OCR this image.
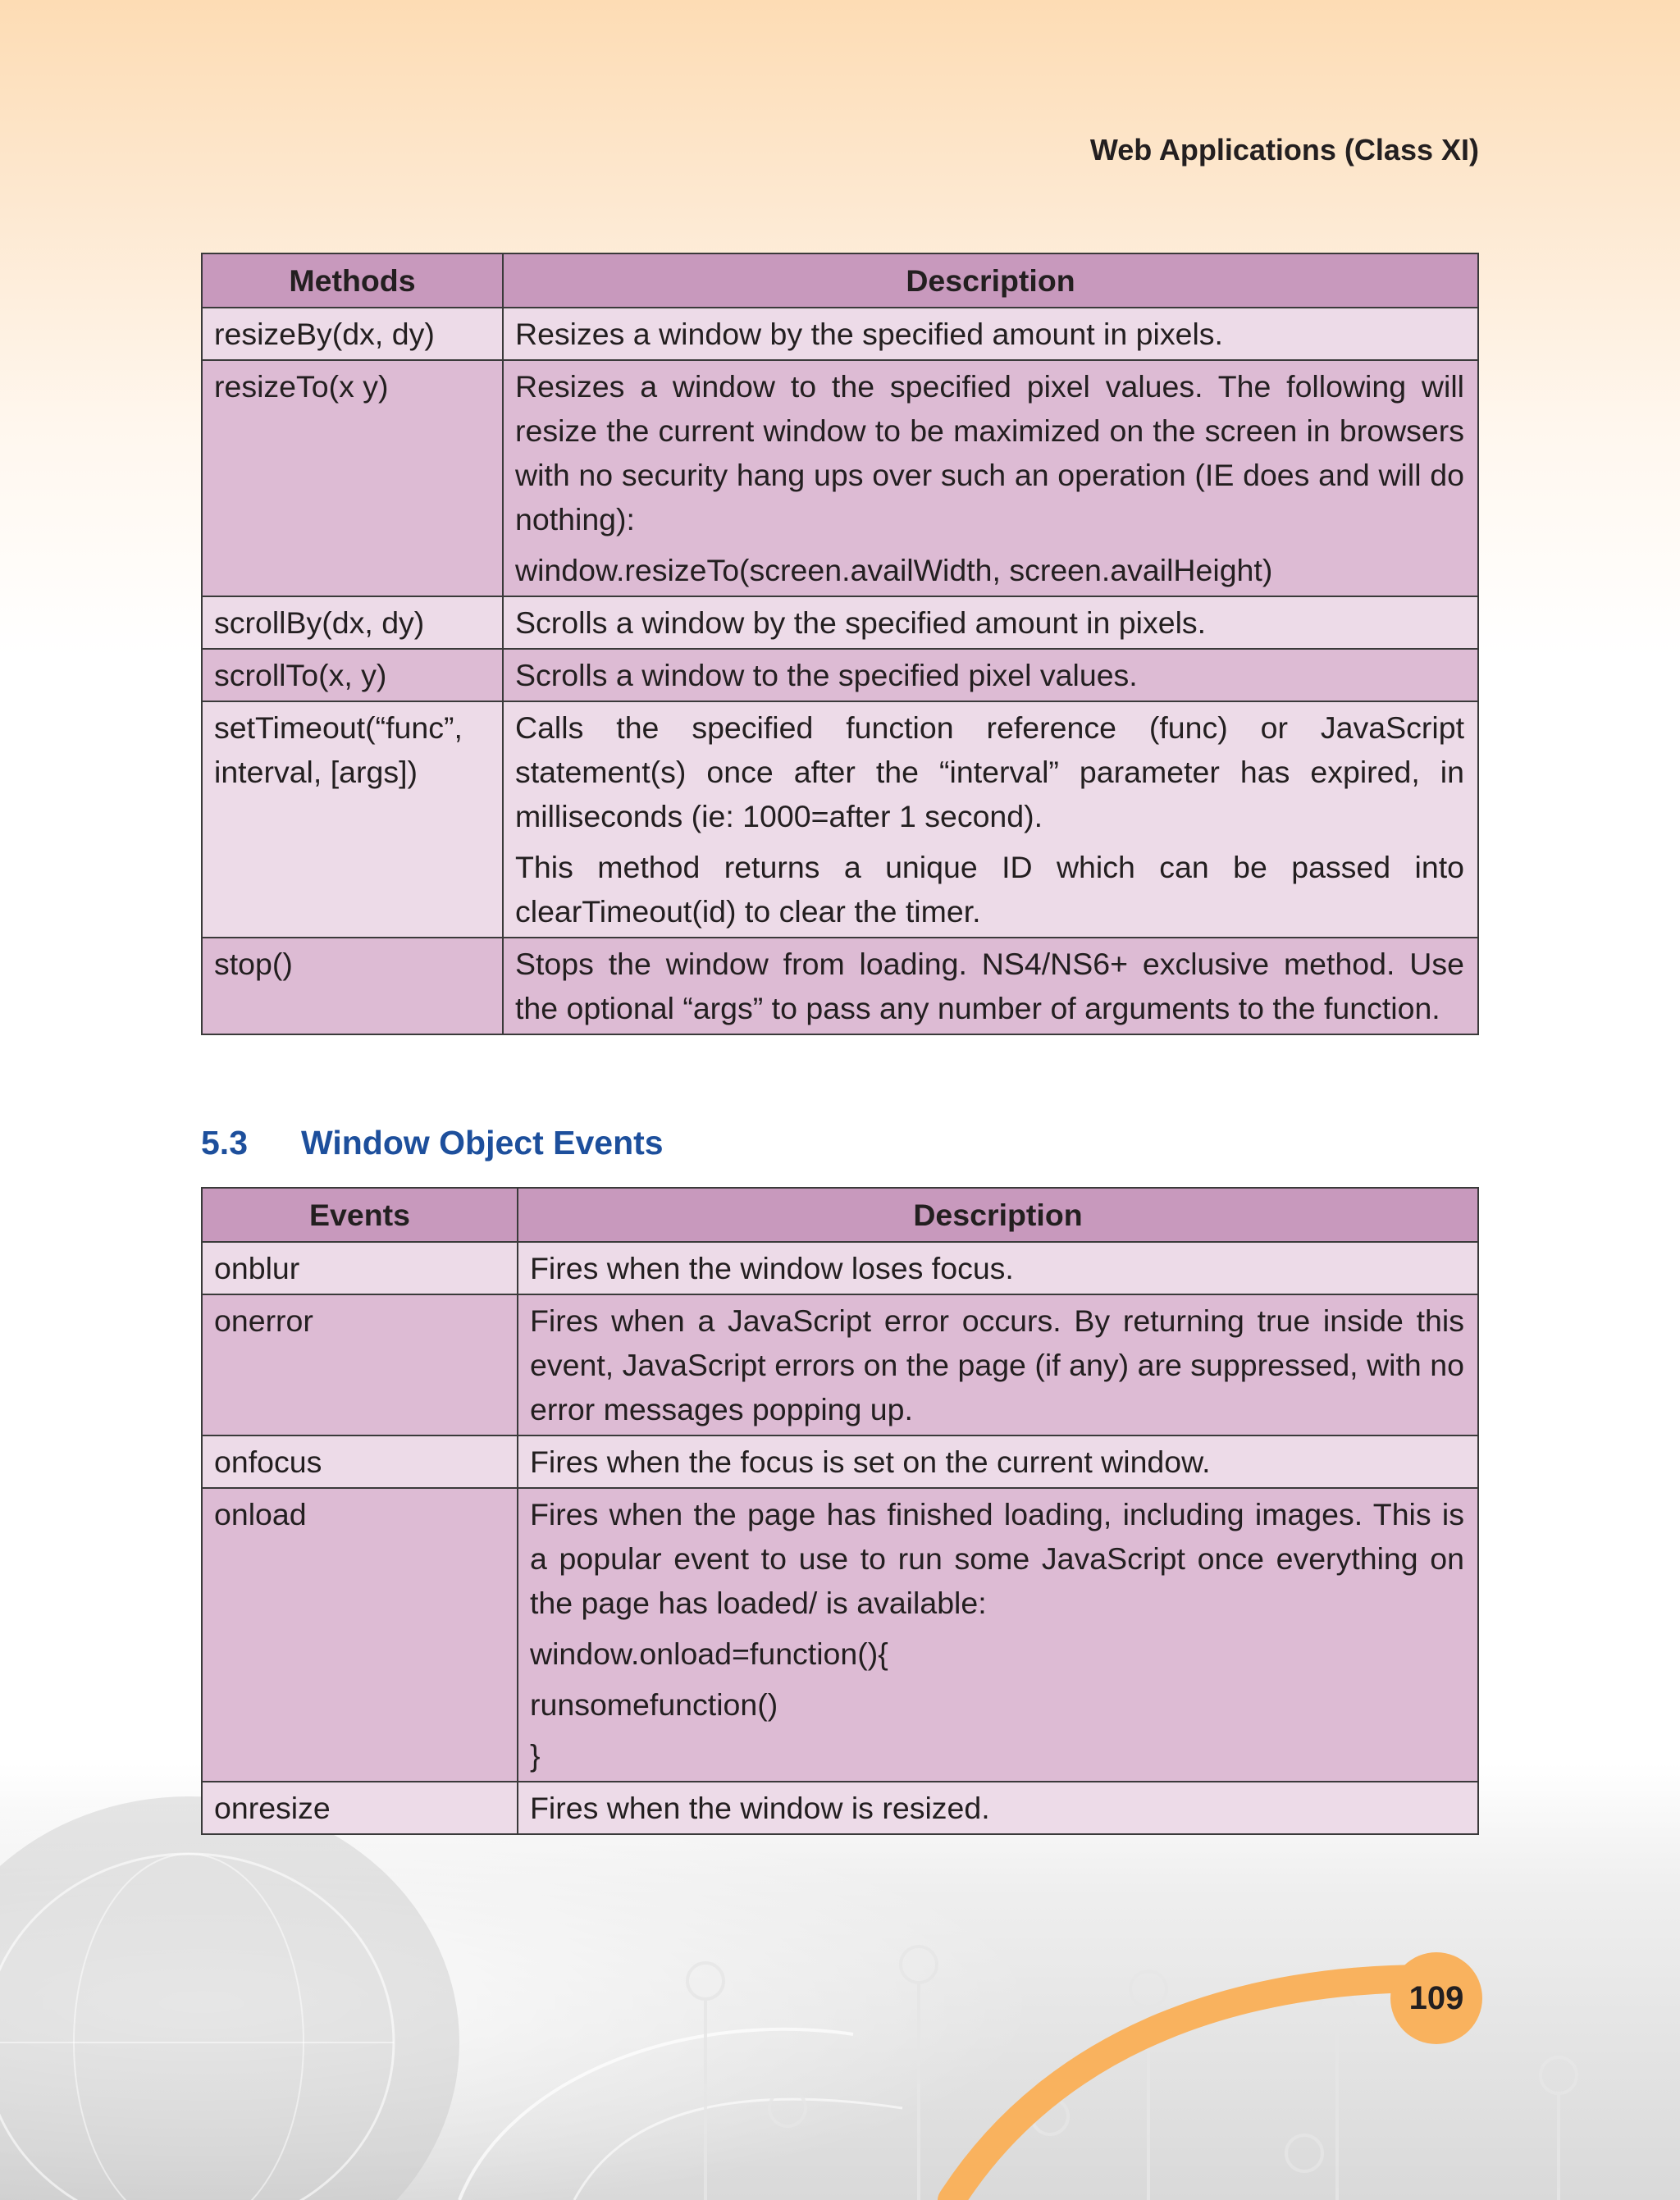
Web Applications (Class XI)
Methods	Description
resizeBy(dx, dy)	Resizes a window by the specified amount in pixels.

resizeTo(x y)	Resizes a window to the specified pixel values. The following will resize the current window to be maximized on the screen in browsers with no security hang ups over such an operation (IE does and will do nothing):

window.resizeTo(screen.availWidth, screen.availHeight)

scrollBy(dx, dy)	Scrolls a window by the specified amount in pixels.

scrollTo(x, y)	Scrolls a window to the specified pixel values.

setTimeout(“func”, interval, [args])	Calls the specified function reference (func) or JavaScript statement(s) once after the “interval” parameter has expired, in milliseconds (ie: 1000=after 1 second).

This method returns a unique ID which can be passed into clearTimeout(id) to clear the timer.

stop()	Stops the window from loading. NS4/NS6+ exclusive method. Use the optional “args” to pass any number of arguments to the function.

5.3 Window Object Events
Events	Description
onblur	Fires when the window loses focus.

onerror	Fires when a JavaScript error occurs. By returning true inside this event, JavaScript errors on the page (if any) are suppressed, with no error messages popping up.

onfocus	Fires when the focus is set on the current window.

onload	Fires when the page has finished loading, including images. This is a popular event to use to run some JavaScript once everything on the page has loaded/ is available:

window.onload=function(){

runsomefunction()

}

onresize	Fires when the window is resized.

109
